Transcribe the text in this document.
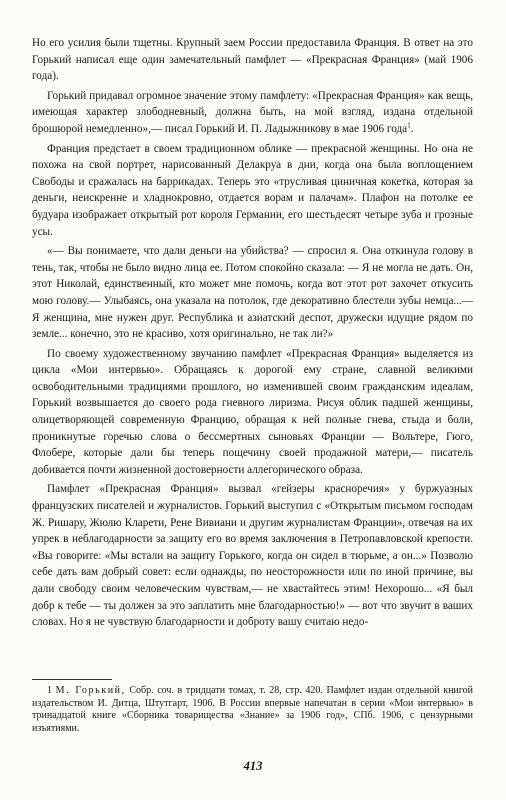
Но его усилия были тщетны. Крупный заем России предоставила Франция. В ответ на это Горький написал еще один замечательный памфлет — «Прекрасная Франция» (май 1906 года).

Горький придавал огромное значение этому памфлету: «Прекрасная Франция» как вещь, имеющая характер злободневный, должна быть, на мой взгляд, издана отдельной брошюрой немедленно»,— писал Горький И. П. Ладыжникову в мае 1906 года$^1$.

Франция предстает в своем традиционном облике — прекрасной женщины. Но она не похожа на свой портрет, нарисованный Делакруа в дни, когда она была воплощением Свободы и сражалась на баррикадах. Теперь это «трусливая циничная кокетка, которая за деньги, неискренне и хладнокровно, отдается ворам и палачам». Плафон на потолке ее будуара изображает открытый рот короля Германии, его шестьдесят четыре зуба и грозные усы.

«— Вы понимаете, что дали деньги на убийства? — спросил я. Она откинула голову в тень, так, чтобы не было видно лица ее. Потом спокойно сказала: — Я не могла не дать. Он, этот Николай, единственный, кто может мне помочь, когда вот этот рот захочет откусить мою голову.— Улыбаясь, она указала на потолок, где декоративно блестели зубы немца...— Я женщина, мне нужен друг. Республика и азиатский деспот, дружески идущие рядом по земле... конечно, это не красиво, хотя оригинально, не так ли?»

По своему художественному звучанию памфлет «Прекрасная Франция» выделяется из цикла «Мои интервью». Обращаясь к дорогой ему стране, славной великими освободительными традициями прошлого, но изменившей своим гражданским идеалам, Горький возвышается до своего рода гневного лиризма. Рисуя облик падшей женщины, олицетворяющей современную Францию, обращая к ней полные гнева, стыда и боли, проникнутые горечью слова о бессмертных сыновьях Франции — Вольтере, Гюго, Флобере, которые дали бы теперь пощечину своей продажной матери,— писатель добивается почти жизненной достоверности аллегорического образа.

Памфлет «Прекрасная Франция» вызвал «гейзеры красноречия» у буржуазных французских писателей и журналистов. Горький выступил с «Открытым письмом господам Ж. Ришару, Жюлю Кларети, Рене Вивиани и другим журналистам Франции», отвечая на их упрек в неблагодарности за защиту его во время заключения в Петропавловской крепости. «Вы говорите: «Мы встали на защиту Горького, когда он сидел в тюрьме, а он...» Позволю себе дать вам добрый совет: если однажды, по неосторожности или по иной причине, вы дали свободу своим человеческим чувствам,— не хвастайтесь этим! Нехорошо... «Я был добр к тебе — ты должен за это заплатить мне благодарностью!» — вот что звучит в ваших словах. Но я не чувствую благодарности и доброту вашу считаю недо-

1 М. Горький, Собр. соч. в тридцати томах, т. 28, стр. 420. Памфлет издан отдельной книгой издательством И. Дитца, Штутгарт, 1906. В России впервые напечатан в серии «Мои интервью» в тринадцатой книге «Сборника товарищества «Знание» за 1906 год», СПб. 1906, с цензурными изъятиями.

413
